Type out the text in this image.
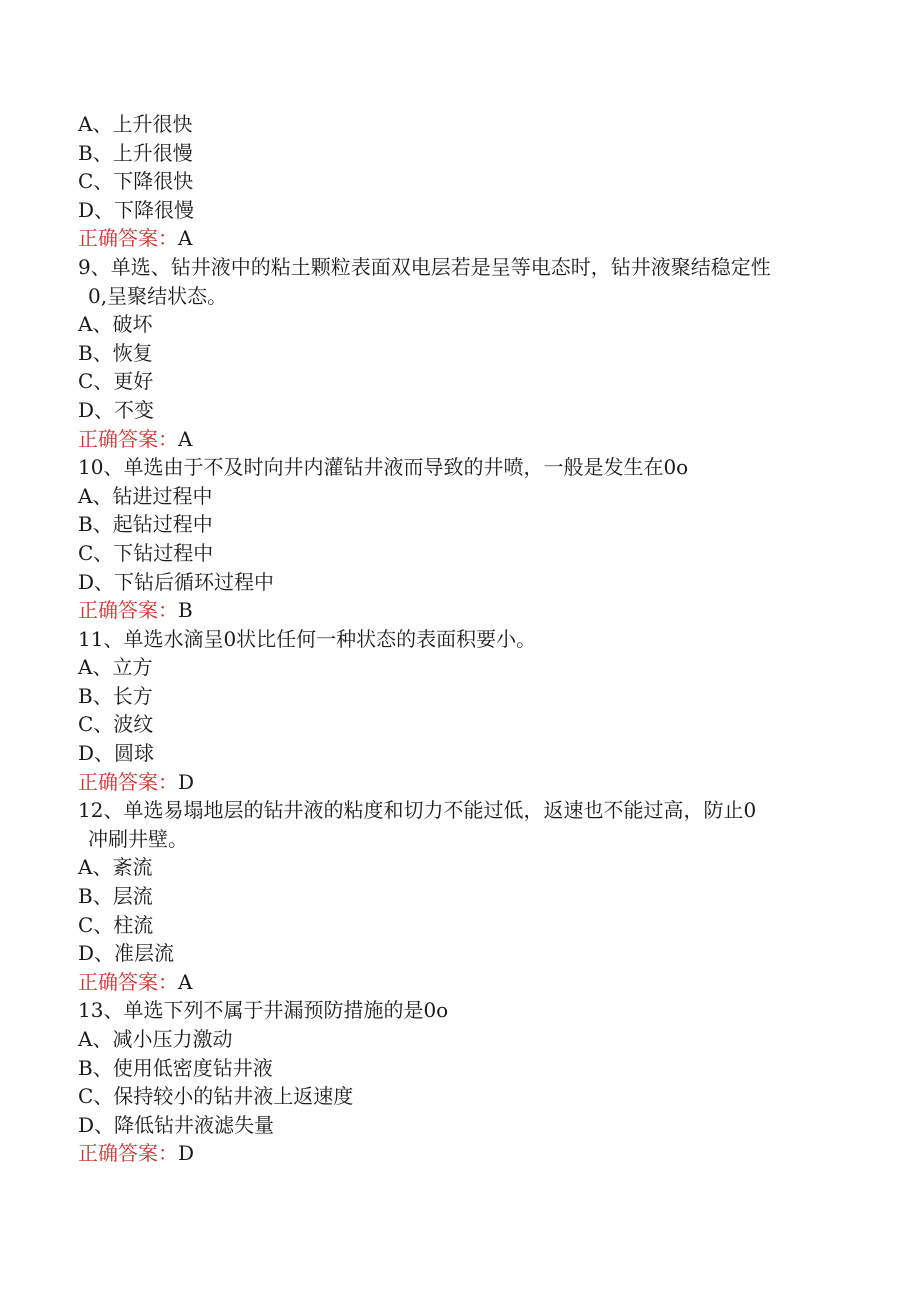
A、上升很快
B、上升很慢
C、下降很快
D、下降很慢
正确答案：A
9、单选、钻井液中的粘土颗粒表面双电层若是呈等电态时，钻井液聚结稳定性
0,呈聚结状态。
A、破坏
B、恢复
C、更好
D、不变
正确答案：A
10、单选由于不及时向井内灌钻井液而导致的井喷，一般是发生在0o
A、钻进过程中
B、起钻过程中
C、下钻过程中
D、下钻后循环过程中
正确答案：B
11、单选水滴呈0状比任何一种状态的表面积要小。
A、立方
B、长方
C、波纹
D、圆球
正确答案：D
12、单选易塌地层的钻井液的粘度和切力不能过低，返速也不能过高，防止0
冲刷井壁。
A、紊流
B、层流
C、柱流
D、准层流
正确答案：A
13、单选下列不属于井漏预防措施的是0o
A、减小压力激动
B、使用低密度钻井液
C、保持较小的钻井液上返速度
D、降低钻井液滤失量
正确答案：D
